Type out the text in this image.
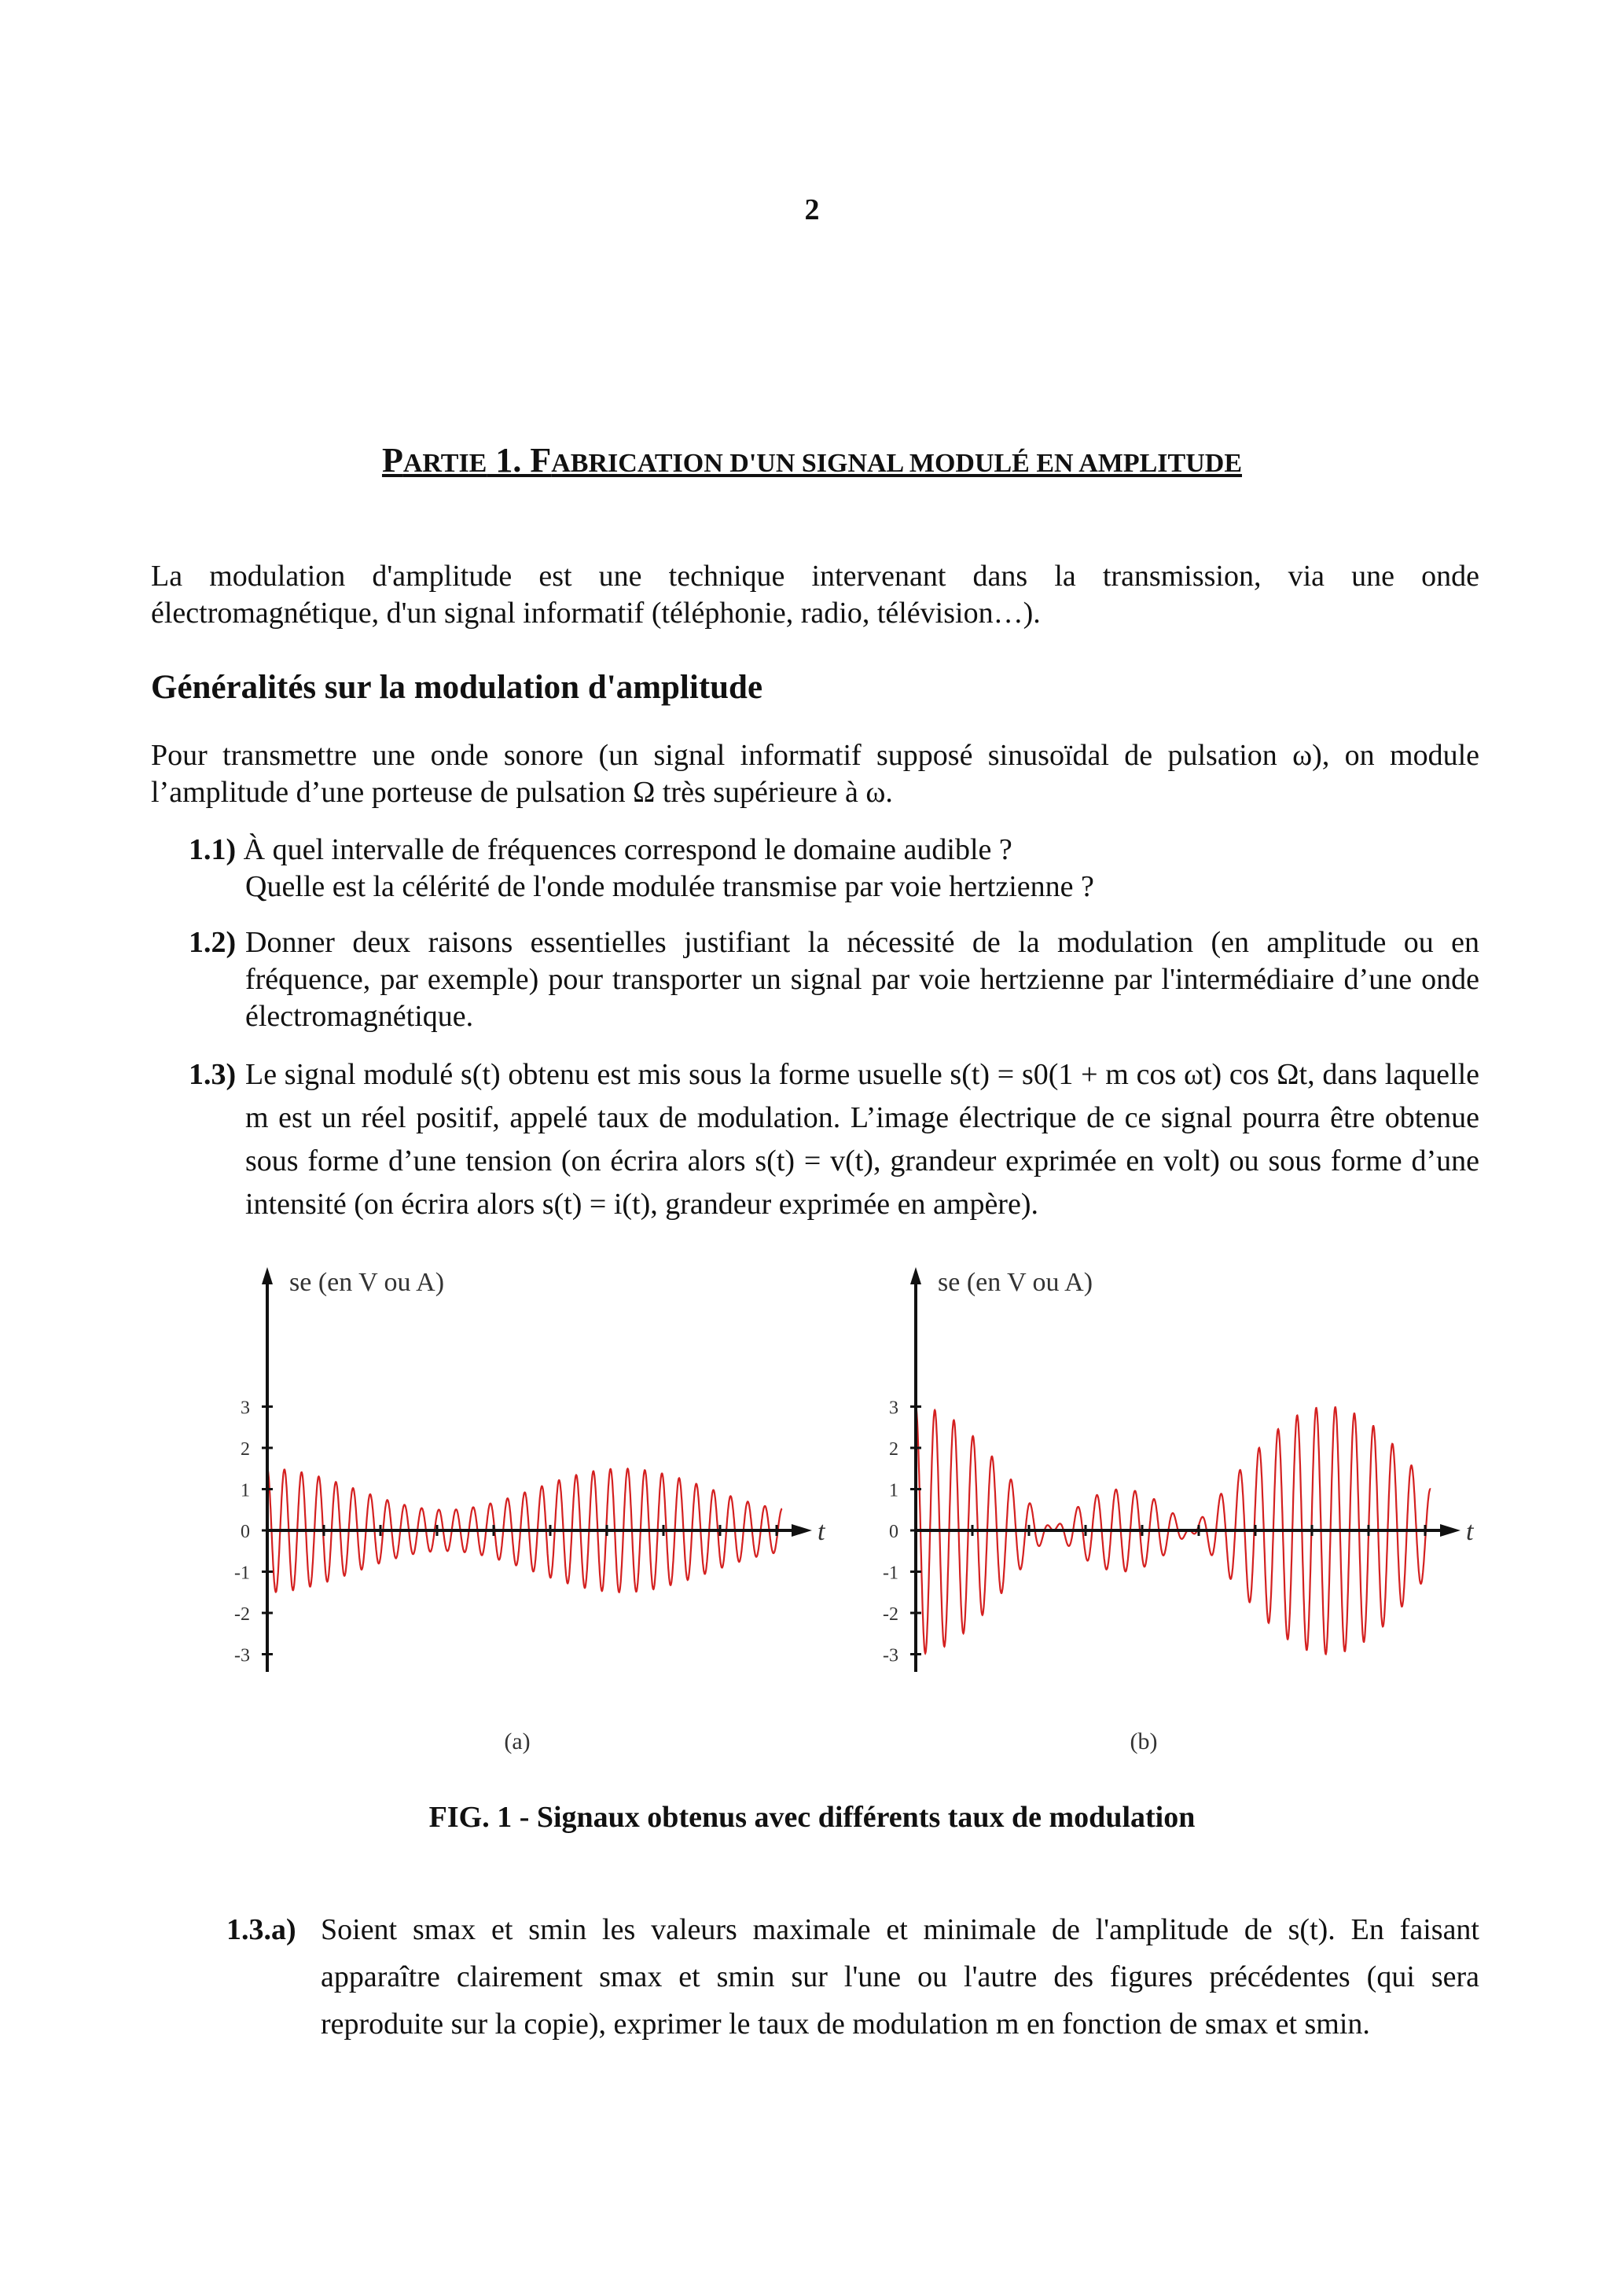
2
PARTIE 1. FABRICATION D'UN SIGNAL MODULÉ EN AMPLITUDE
La modulation d'amplitude est une technique intervenant dans la transmission, via une onde électromagnétique, d'un signal informatif (téléphonie, radio, télévision…).
Généralités sur la modulation d'amplitude
Pour transmettre une onde sonore (un signal informatif supposé sinusoïdal de pulsation ω), on module l’amplitude d’une porteuse de pulsation Ω très supérieure à ω.
1.1) À quel intervalle de fréquences correspond le domaine audible ?
Quelle est la célérité de l'onde modulée transmise par voie hertzienne ?
1.2) Donner deux raisons essentielles justifiant la nécessité de la modulation (en amplitude ou en fréquence, par exemple) pour transporter un signal par voie hertzienne par l'intermédiaire d’une onde électromagnétique.
1.3) Le signal modulé s(t) obtenu est mis sous la forme usuelle s(t) = s0(1 + m cos ωt) cos Ωt, dans laquelle m est un réel positif, appelé taux de modulation. L’image électrique de ce signal pourra être obtenue sous forme d’une tension (on écrira alors s(t) = v(t), grandeur exprimée en volt) ou sous forme d’une intensité (on écrira alors s(t) = i(t), grandeur exprimée en ampère).
t
se (en V ou A)
3
2
1
0
-1
-2
-3
(a)
t
se (en V ou A)
3
2
1
0
-1
-2
-3
(b)
FIG. 1 - Signaux obtenus avec différents taux de modulation
1.3.a) Soient smax et smin les valeurs maximale et minimale de l'amplitude de s(t). En faisant apparaître clairement smax et smin sur l'une ou l'autre des figures précédentes (qui sera reproduite sur la copie), exprimer le taux de modulation m en fonction de smax et smin.
